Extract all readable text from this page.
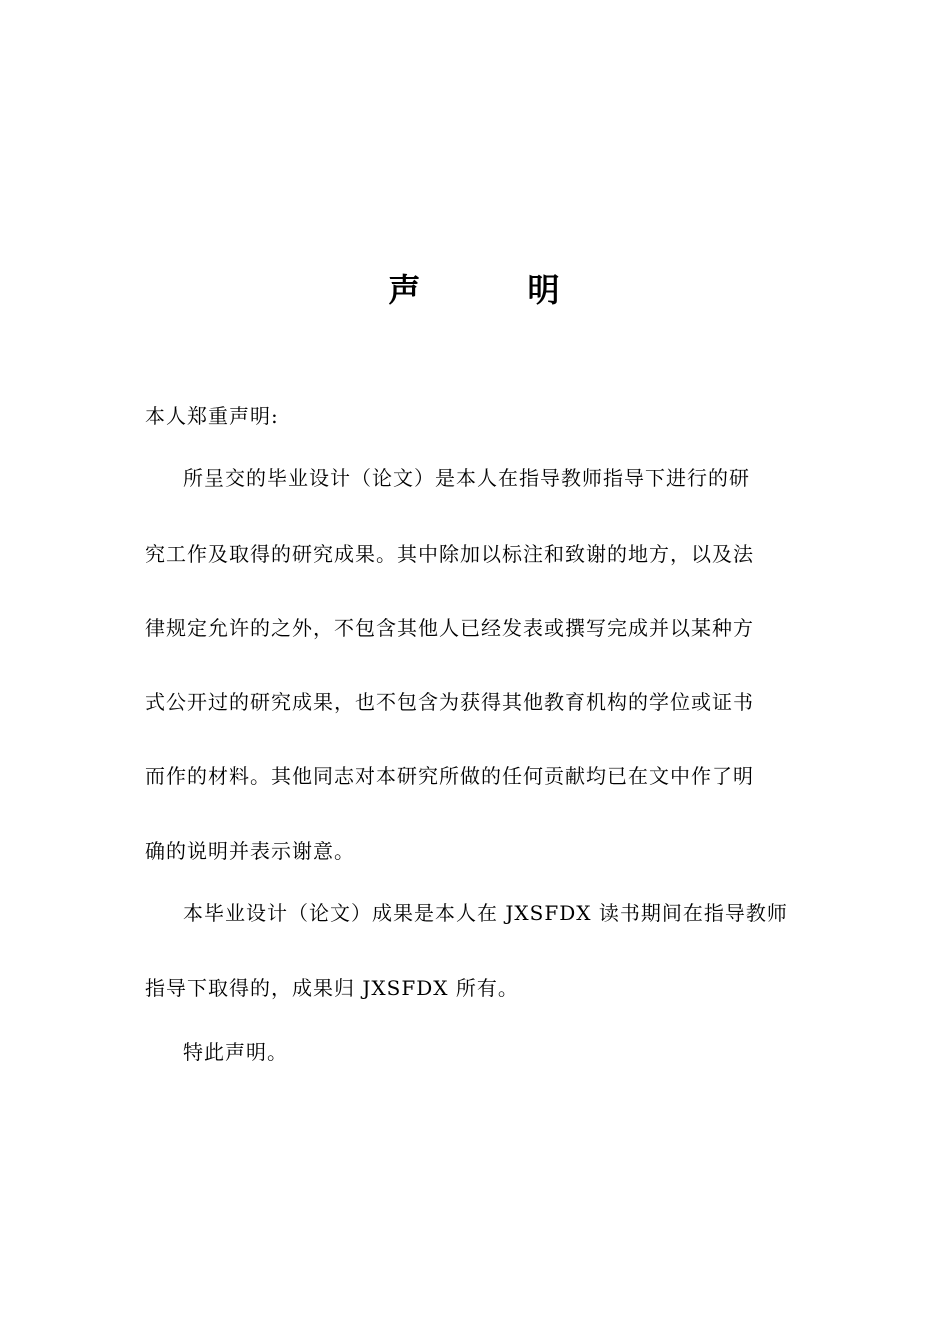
声        明
本人郑重声明:
所呈交的毕业设计（论文）是本人在指导教师指导下进行的研
究工作及取得的研究成果。其中除加以标注和致谢的地方，以及法
律规定允许的之外，不包含其他人已经发表或撰写完成并以某种方
式公开过的研究成果，也不包含为获得其他教育机构的学位或证书
而作的材料。其他同志对本研究所做的任何贡献均已在文中作了明
确的说明并表示谢意。
本毕业设计（论文）成果是本人在 JXSFDX 读书期间在指导教师
指导下取得的，成果归 JXSFDX 所有。
特此声明。
